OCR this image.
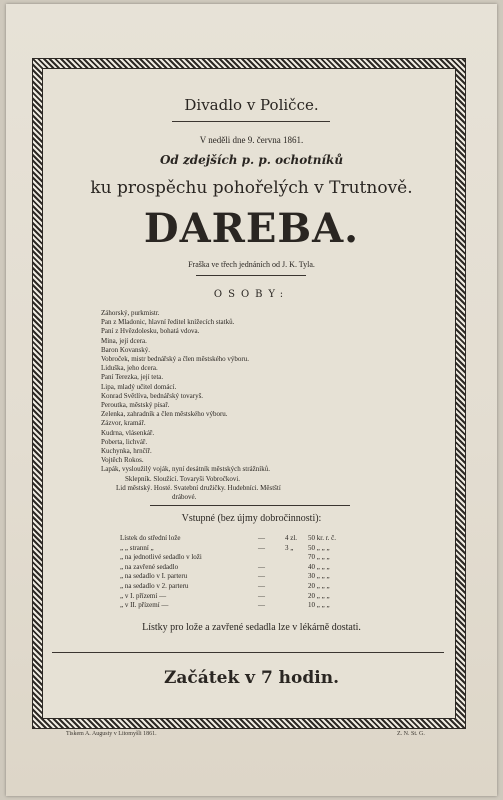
Divadlo v Poličce.
V neděli dne 9. června 1861.
Od zdejších p. p. ochotníků
ku prospěchu pohořelých v Trutnově.
DAREBA.
Fraška ve třech jednáních od J. K. Tyla.
OSOBY:
Záhorský, purkmistr.
Pan z Mladonic, hlavní ředitel knížecích statků.
Paní z Hvězdolesku, bohatá vdova.
Mina, její dcera.
Baron Kovanský.
Vobroček, mistr bednářský a člen městského výboru.
Liduška, jeho dcera.
Paní Terezka, její teta.
Lipa, mladý učitel domácí.
Konrad Světlíva, bednářský tovaryš.
Peroutka, městský písař.
Zelenka, zahradník a člen městského výboru.
Zázvor, kramář.
Kudrna, vlásenkář.
Poberta, lichvář.
Kuchynka, hrnčíř.
Vojtěch Rokos.
Lapák, vysloužilý voják, nyní desátník městských strážníků.
Sklepník. Sloužící. Tovaryši Vobročkovi.
Lid městský. Hosté. Svatební družičky. Hudebníci. Městští
drábové.
Vstupné (bez újmy dobročinnosti):
Lístek do střední lože	—	4 zl. 50 kr. r. č.
„ „ stranní „	—	3 „ 50 „ „ „
„ na jednotlivé sedadlo v loži	70 „ „ „
„ na zavřené sedadlo	—	40 „ „ „
„ na sedadlo v I. parteru	—	30 „ „ „
„ na sedadlo v 2. parteru	—	20 „ „ „
„ v I. přízemí —	—	20 „ „ „
„ v II. přízemí —	—	10 „ „ „
Lístky pro lože a zavřené sedadla lze v lékárně dostati.
Začátek v 7 hodin.
Tiskem A. Augusty v Litomyšli 1861.	Z. N. St. G.
